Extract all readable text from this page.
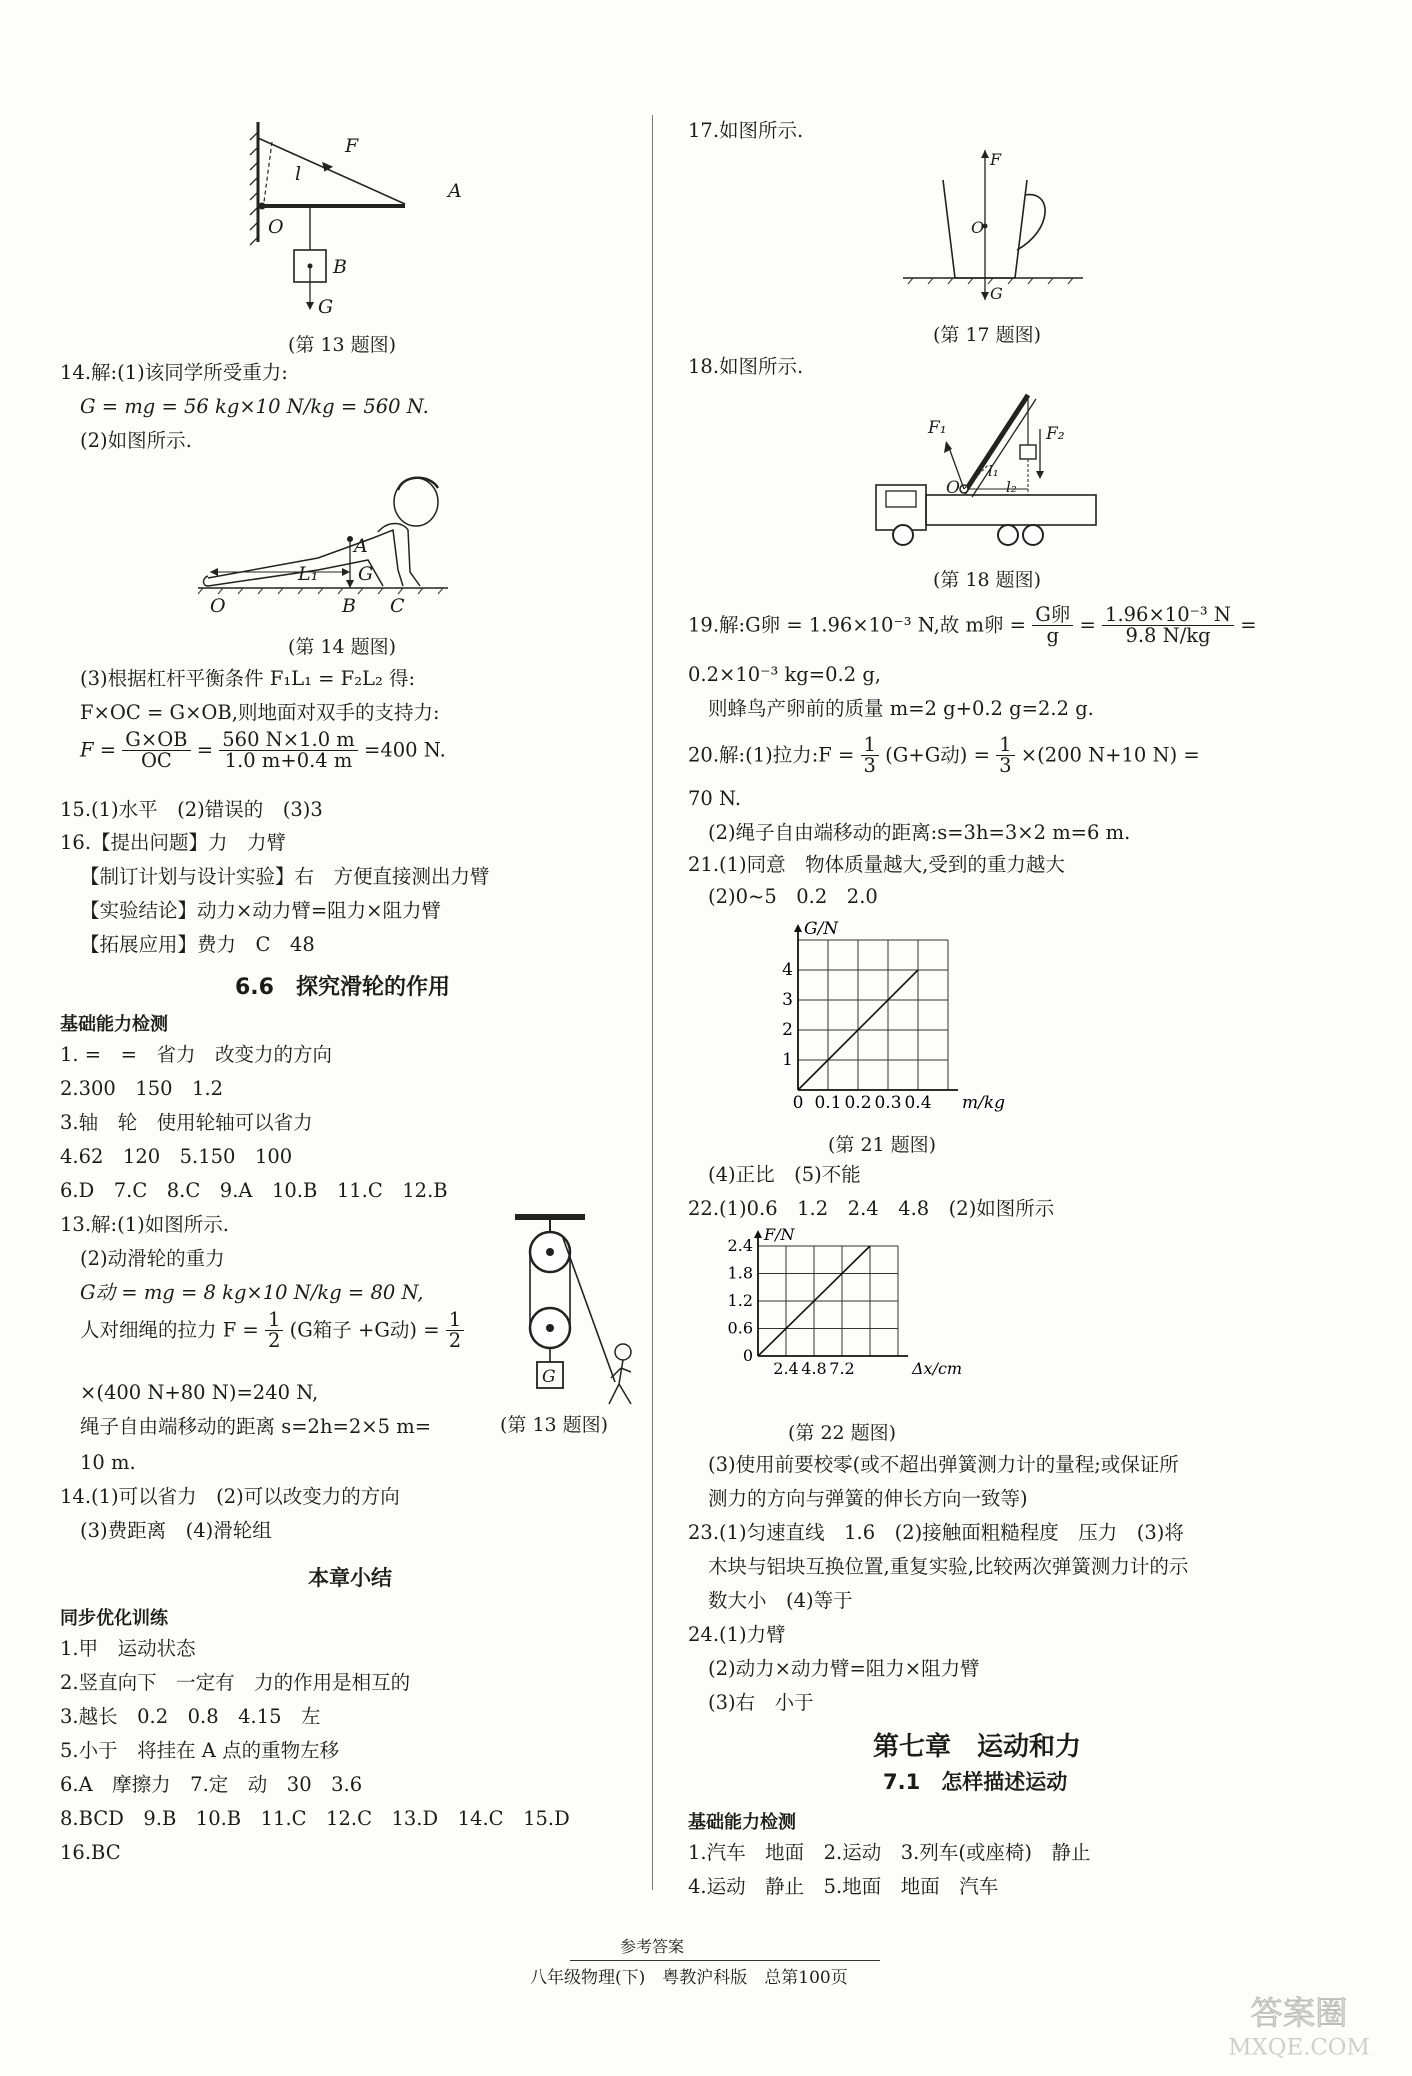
F
l
A
O
B
G
(第 13 题图)
14.解:(1)该同学所受重力:
G = mg = 56 kg×10 N/kg = 560 N.
(2)如图所示.
A
L₁ G
O	B C
(第 14 题图)
(3)根据杠杆平衡条件 F₁L₁ = F₂L₂ 得:
F×OC = G×OB,则地面对双手的支持力:
$F = \frac{G\times OB}{OC} = \frac{560 N\times 1.0 m}{1.0 m+0.4 m} =400$ N.
15.(1)水平　(2)错误的　(3)3
16.【提出问题】力　力臂
【制订计划与设计实验】右　方便直接测出力臂
【实验结论】动力×动力臂=阻力×阻力臂
【拓展应用】费力　C　48
6.6　探究滑轮的作用
基础能力检测
1. =　=　省力　改变力的方向
2.300　150　1.2
3.轴　轮　使用轮轴可以省力
4.62　120　5.150　100
6.D　7.C　8.C　9.A　10.B　11.C　12.B
13.解:(1)如图所示.
(2)动滑轮的重力
G动 = mg = 8 kg×10 N/kg = 80 N,
人对细绳的拉力 $F = \frac{1}{2} (G$箱子 +G动) = $\frac{1}{2}$
×(400 N+80 N)=240 N,
绳子自由端移动的距离 s=2h=2×5 m=
10 m.
G
(第 13 题图)
14.(1)可以省力　(2)可以改变力的方向
(3)费距离　(4)滑轮组
本章小结
同步优化训练
1.甲　运动状态
2.竖直向下　一定有　力的作用是相互的
3.越长　0.2　0.8　4.15　左
5.小于　将挂在 A 点的重物左移
6.A　摩擦力　7.定　动　30　3.6
8.BCD　9.B　10.B　11.C　12.C　13.D　14.C　15.D
16.BC
17.如图所示.
F
O
G
(第 17 题图)
18.如图所示.
F₁	F₂
O
l₁
l₂
(第 18 题图)
19.解:G卵 = 1.96×10⁻³ N,故 m卵 = $\frac{\text{G卵}}{g} = \frac{\text{1.96×10⁻³ N}}{9.8 N/kg}$ =
0.2×10⁻³ kg=0.2 g,
则蜂鸟产卵前的质量 m=2 g+0.2 g=2.2 g.
20.解:(1)拉力:F = $\frac{1}{3} (G+G$动) = $\frac{1}{3} \times(200$ N+10 N) =
70 N.
(2)绳子自由端移动的距离:s=3h=3×2 m=6 m.
21.(1)同意　物体质量越大,受到的重力越大
(2)0~5　0.2　2.0
0 0.1 0.2 0.3 0.4
1
2
3
4
G/N
m/kg
(第 21 题图)
(4)正比　(5)不能
22.(1)0.6　1.2　2.4　4.8　(2)如图所示
2.4 4.8 7.2
0.6
1.2
1.8
2.4
0
F/N
Δx/cm
(第 22 题图)
(3)使用前要校零(或不超出弹簧测力计的量程;或保证所
测力的方向与弹簧的伸长方向一致等)
23.(1)匀速直线　1.6　(2)接触面粗糙程度　压力　(3)将
木块与铝块互换位置,重复实验,比较两次弹簧测力计的示
数大小　(4)等于
24.(1)力臂
(2)动力×动力臂=阻力×阻力臂
(3)右　小于
第七章　运动和力
7.1　怎样描述运动
基础能力检测
1.汽车　地面　2.运动　3.列车(或座椅)　静止
4.运动　静止　5.地面　地面　汽车
参考答案
八年级物理(下)　粤教沪科版　总第100页
答案圈
MXQE.COM
